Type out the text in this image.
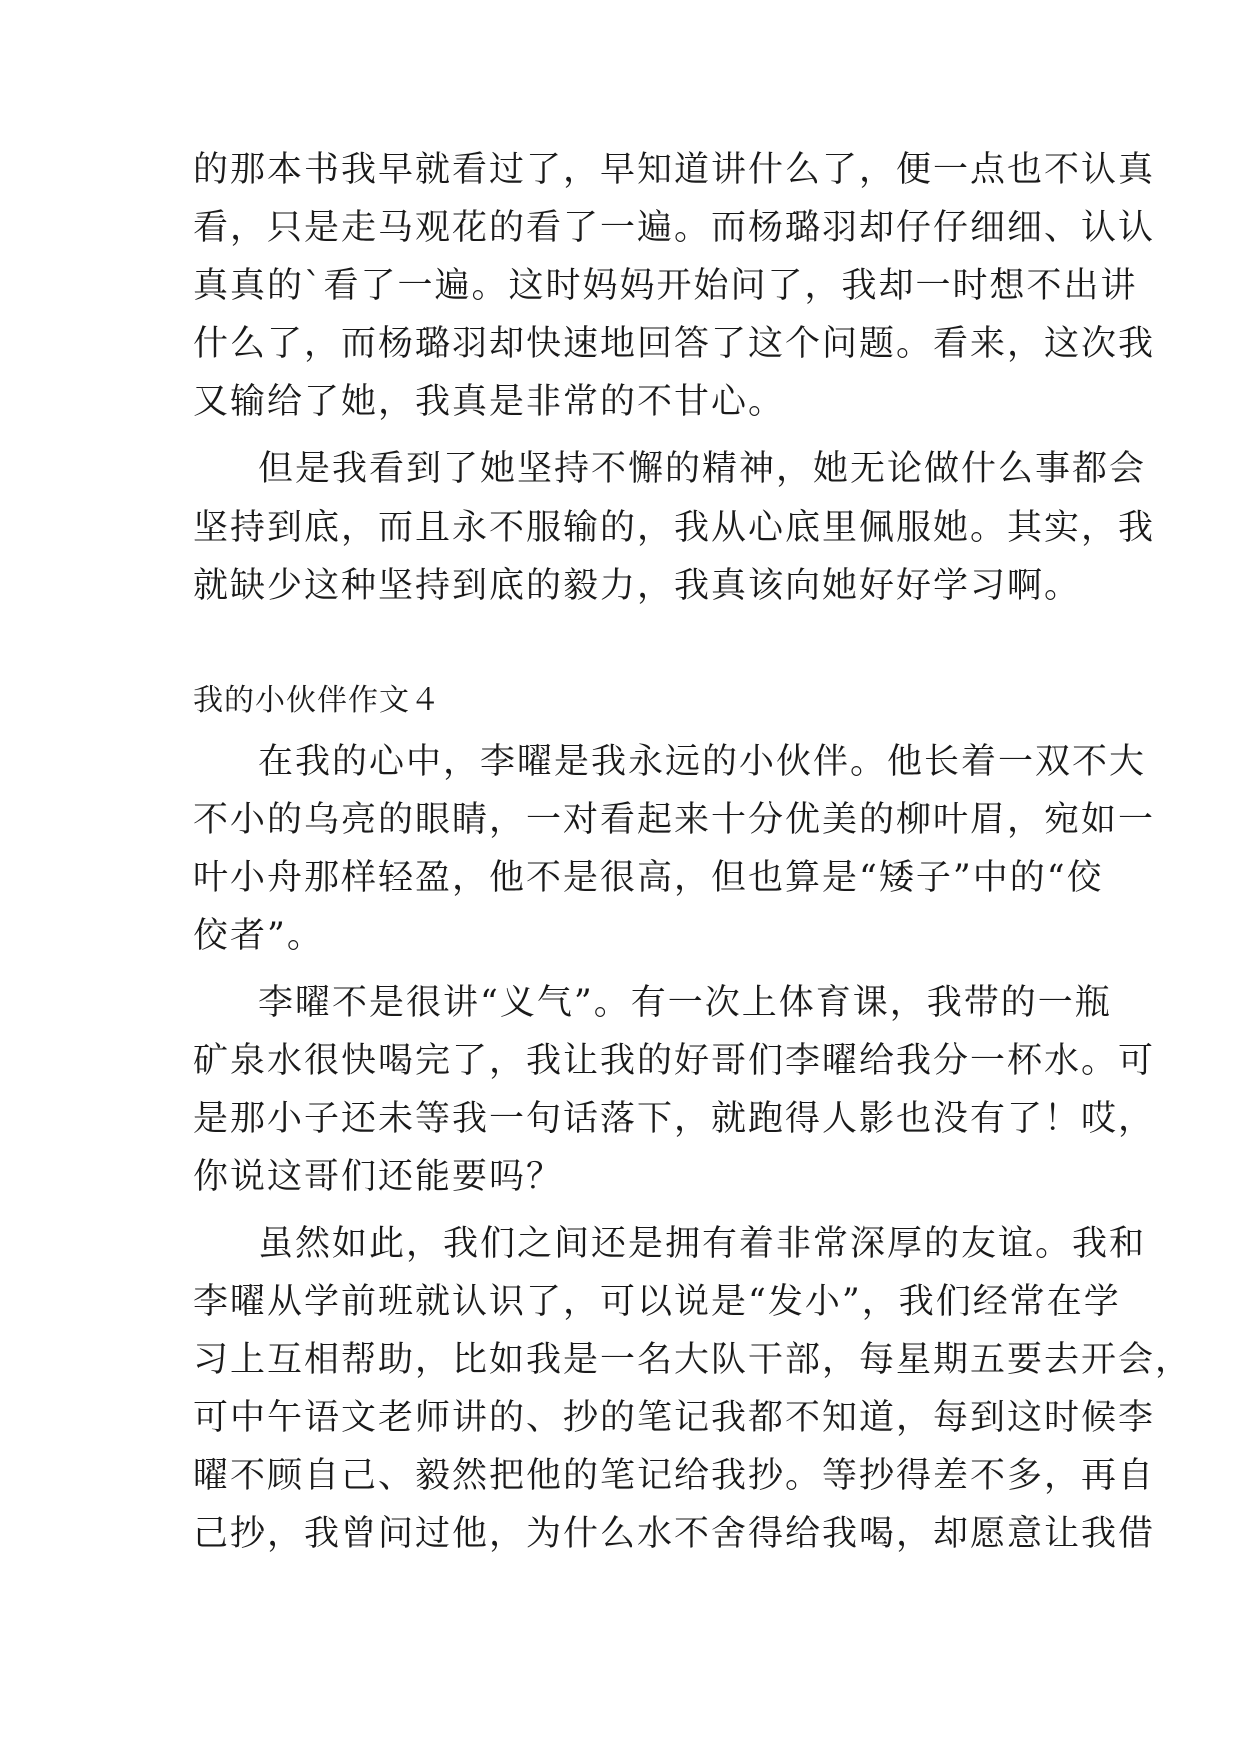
的那本书我早就看过了，早知道讲什么了，便一点也不认真
看，只是走马观花的看了一遍。而杨璐羽却仔仔细细、认认
真真的`看了一遍。这时妈妈开始问了，我却一时想不出讲
什么了，而杨璐羽却快速地回答了这个问题。看来，这次我
又输给了她，我真是非常的不甘心。
但是我看到了她坚持不懈的精神，她无论做什么事都会
坚持到底，而且永不服输的，我从心底里佩服她。其实，我
就缺少这种坚持到底的毅力，我真该向她好好学习啊。
我的小伙伴作文４
在我的心中，李曜是我永远的小伙伴。他长着一双不大
不小的乌亮的眼睛，一对看起来十分优美的柳叶眉，宛如一
叶小舟那样轻盈，他不是很高，但也算是“矮子”中的“佼
佼者”。
李曜不是很讲“义气”。有一次上体育课，我带的一瓶
矿泉水很快喝完了，我让我的好哥们李曜给我分一杯水。可
是那小子还未等我一句话落下，就跑得人影也没有了！哎，
你说这哥们还能要吗？
虽然如此，我们之间还是拥有着非常深厚的友谊。我和
李曜从学前班就认识了，可以说是“发小”，我们经常在学
习上互相帮助，比如我是一名大队干部，每星期五要去开会，
可中午语文老师讲的、抄的笔记我都不知道，每到这时候李
曜不顾自己、毅然把他的笔记给我抄。等抄得差不多，再自
己抄，我曾问过他，为什么水不舍得给我喝，却愿意让我借
